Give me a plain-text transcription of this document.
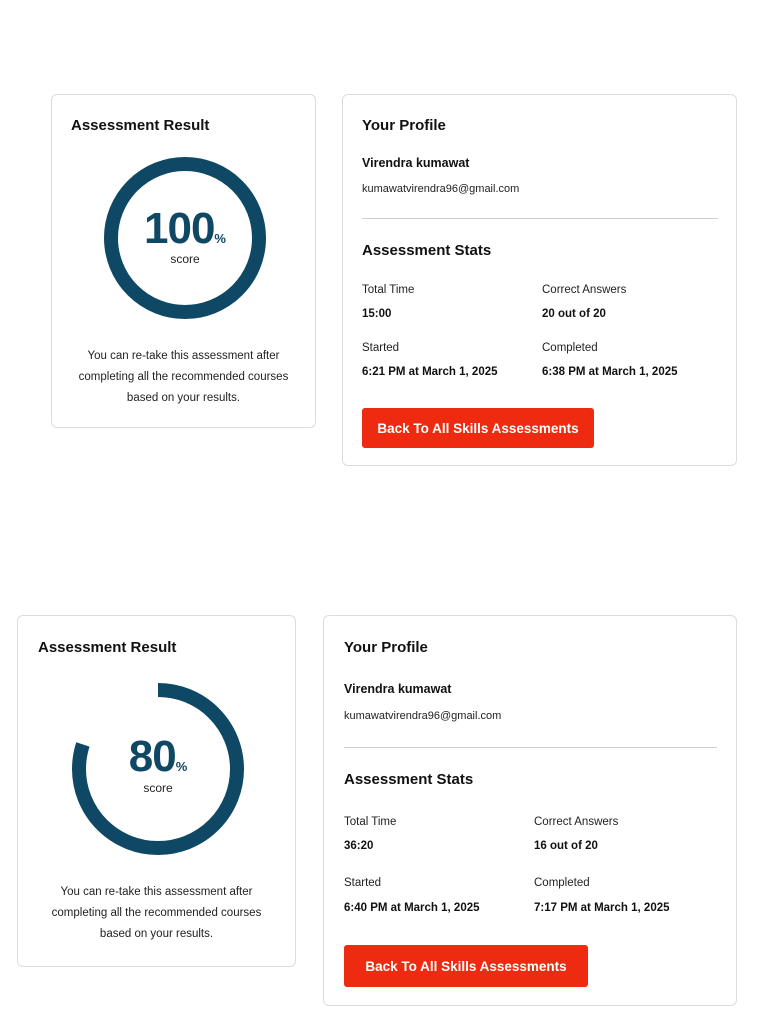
Assessment Result
100%
score
You can re-take this assessment after
completing all the recommended courses
based on your results.
Your Profile
Virendra kumawat
kumawatvirendra96@gmail.com
Assessment Stats
Total Time
15:00
Correct Answers
20 out of 20
Started
6:21 PM at March 1, 2025
Completed
6:38 PM at March 1, 2025
Back To All Skills Assessments
Assessment Result
80%
score
You can re-take this assessment after
completing all the recommended courses
based on your results.
Your Profile
Virendra kumawat
kumawatvirendra96@gmail.com
Assessment Stats
Total Time
36:20
Correct Answers
16 out of 20
Started
6:40 PM at March 1, 2025
Completed
7:17 PM at March 1, 2025
Back To All Skills Assessments
